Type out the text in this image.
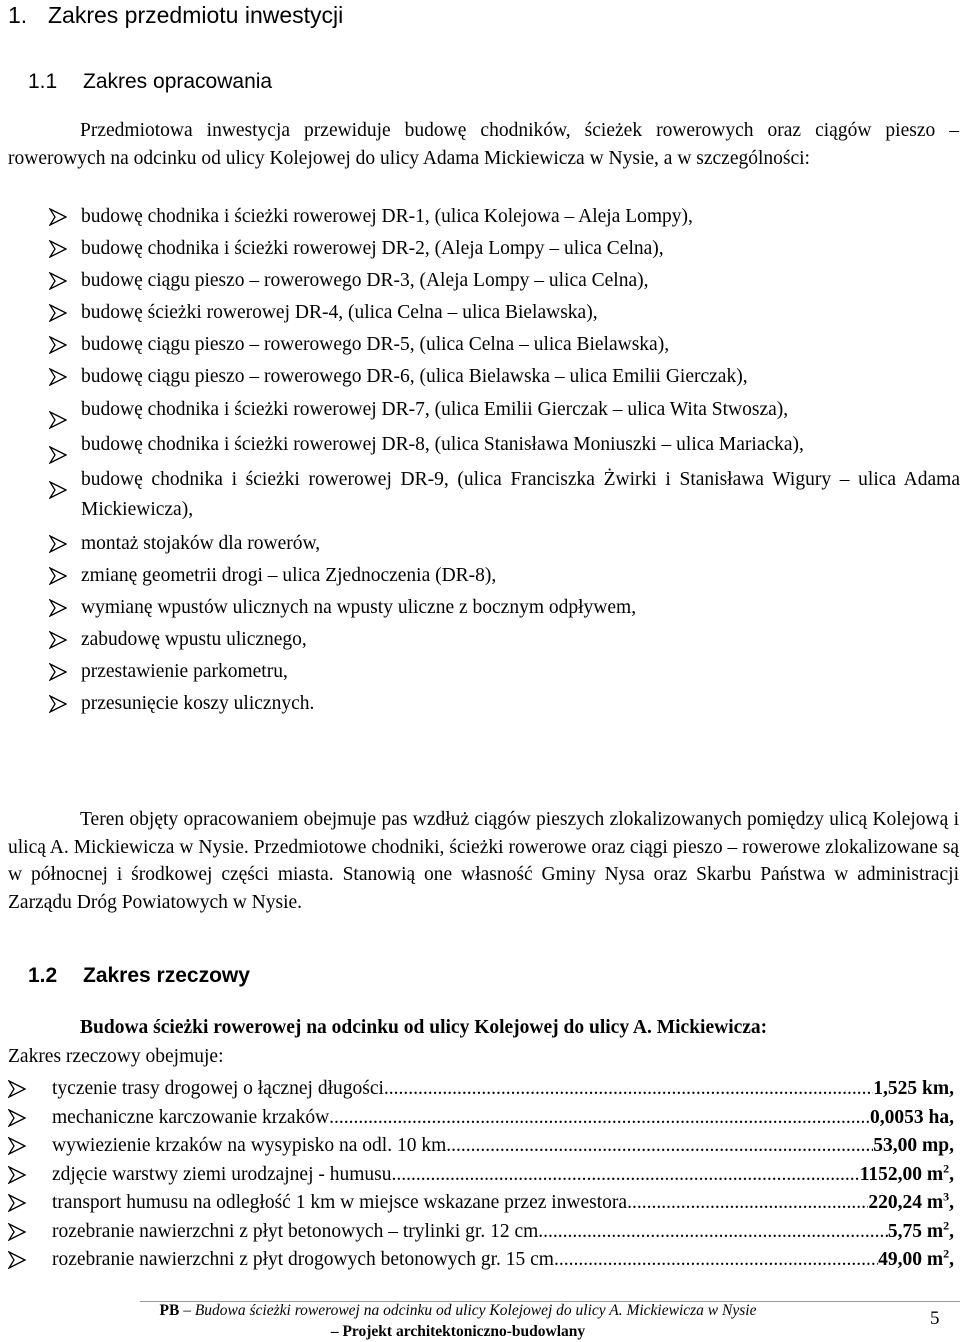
1. Zakres przedmiotu inwestycji
1.1 Zakres opracowania

Przedmiotowa inwestycja przewiduje budowę chodników, ścieżek rowerowych oraz ciągów pieszo – rowerowych na odcinku od ulicy Kolejowej do ulicy Adama Mickiewicza w Nysie, a w szczególności:

budowę chodnika i ścieżki rowerowej DR-1, (ulica Kolejowa – Aleja Lompy),
budowę chodnika i ścieżki rowerowej DR-2, (Aleja Lompy – ulica Celna),
budowę ciągu pieszo – rowerowego DR-3, (Aleja Lompy – ulica Celna),
budowę ścieżki rowerowej DR-4, (ulica Celna – ulica Bielawska),
budowę ciągu pieszo – rowerowego DR-5, (ulica Celna – ulica Bielawska),
budowę ciągu pieszo – rowerowego DR-6, (ulica Bielawska – ulica Emilii Gierczak),
budowę chodnika i ścieżki rowerowej DR-7, (ulica Emilii Gierczak – ulica Wita Stwosza),
budowę chodnika i ścieżki rowerowej DR-8, (ulica Stanisława Moniuszki – ulica Mariacka),
budowę chodnika i ścieżki rowerowej DR-9, (ulica Franciszka Żwirki i Stanisława Wigury – ulica Adama Mickiewicza),
montaż stojaków dla rowerów,
zmianę geometrii drogi – ulica Zjednoczenia (DR-8),
wymianę wpustów ulicznych na wpusty uliczne z bocznym odpływem,
zabudowę wpustu ulicznego,
przestawienie parkometru,
przesunięcie koszy ulicznych.

Teren objęty opracowaniem obejmuje pas wzdłuż ciągów pieszych zlokalizowanych pomiędzy ulicą Kolejową i ulicą A. Mickiewicza w Nysie. Przedmiotowe chodniki, ścieżki rowerowe oraz ciągi pieszo – rowerowe zlokalizowane są w północnej i środkowej części miasta. Stanowią one własność Gminy Nysa oraz Skarbu Państwa w administracji Zarządu Dróg Powiatowych w Nysie.

1.2 Zakres rzeczowy
Budowa ścieżki rowerowej na odcinku od ulicy Kolejowej do ulicy A. Mickiewicza:
Zakres rzeczowy obejmuje:
tyczenie trasy drogowej o łącznej długości .....	1,525 km,
mechaniczne karczowanie krzaków .....	0,0053 ha,
wywiezienie krzaków na wysypisko na odl. 10 km .....	53,00 mp,
zdjęcie warstwy ziemi urodzajnej - humusu .....	1152,00 $m^2$,
transport humusu na odległość 1 km w miejsce wskazane przez inwestora .....	220,24 $m^3$,
rozebranie nawierzchni z płyt betonowych – trylinki gr. 12 cm .....	5,75 $m^2$,
rozebranie nawierzchni z płyt drogowych betonowych gr. 15 cm .....	49,00 $m^2$,
PB – Budowa ścieżki rowerowej na odcinku od ulicy Kolejowej do ulicy A. Mickiewicza w Nysie
– Projekt architektoniczno-budowlany
5
